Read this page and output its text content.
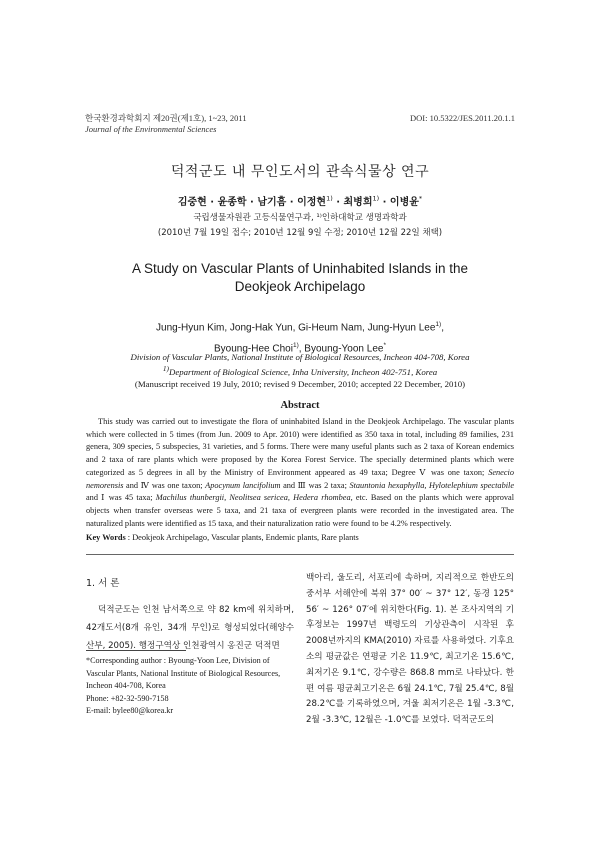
한국환경과학회지 제20권(제1호), 1~23, 2011
Journal of the Environmental Sciences
DOI: 10.5322/JES.2011.20.1.1
덕적군도 내 무인도서의 관속식물상 연구
김중현 · 윤종학 · 남기흠 · 이정현$^{1)}$ · 최병희$^{1)}$ · 이병윤*
국립생물자원관 고등식물연구과, ¹⁾인하대학교 생명과학과
(2010년 7월 19일 접수; 2010년 12월 9일 수정; 2010년 12월 22일 채택)
A Study on Vascular Plants of Uninhabited Islands in the
Deokjeok Archipelago
Jung-Hyun Kim, Jong-Hak Yun, Gi-Heum Nam, Jung-Hyun Lee$^{1)}$,
Byoung-Hee Choi$^{1)}$, Byoung-Yoon Lee*
Division of Vascular Plants, National Institute of Biological Resources, Incheon 404-708, Korea
$^{1)}$Department of Biological Science, Inha University, Incheon 402-751, Korea
(Manuscript received 19 July, 2010; revised 9 December, 2010; accepted 22 December, 2010)
Abstract
This study was carried out to investigate the flora of uninhabited Island in the Deokjeok Archipelago. The vascular plants which were collected in 5 times (from Jun. 2009 to Apr. 2010) were identified as 350 taxa in total, including 89 families, 231 genera, 309 species, 5 subspecies, 31 varieties, and 5 forms. There were many useful plants such as 2 taxa of Korean endemics and 2 taxa of rare plants which were proposed by the Korea Forest Service. The specially determined plants which were categorized as 5 degrees in all by the Ministry of Environment appeared as 49 taxa; Degree Ⅴ was one taxon; Senecio nemorensis and Ⅳ was one taxon; Apocynum lancifolium and Ⅲ was 2 taxa; Stauntonia hexaphylla, Hylotelephium spectabile and Ⅰ was 45 taxa; Machilus thunbergii, Neolitsea sericea, Hedera rhombea, etc. Based on the plants which were approval objects when transfer overseas were 5 taxa, and 21 taxa of evergreen plants were recorded in the investigated area. The naturalized plants were identified as 15 taxa, and their naturalization ratio were found to be 4.2% respectively.
Key Words : Deokjeok Archipelago, Vascular plants, Endemic plants, Rare plants
1. 서 론
덕적군도는 인천 남서쪽으로 약 82 km에 위치하며, 42개도서(8개 유인, 34개 무인)로 형성되었다(해양수산부, 2005). 행정구역상 인천광역시 옹진군 덕적면
*Corresponding author : Byoung-Yoon Lee, Division of Vascular Plants, National Institute of Biological Resources, Incheon 404-708, Korea
Phone: +82-32-590-7158
E-mail: bylee80@korea.kr
백아리, 울도리, 서포리에 속하며, 지리적으로 한반도의 중서부 서해안에 북위 37° 00′ ~ 37° 12′, 동경 125° 56′ ~ 126° 07′에 위치한다(Fig. 1). 본 조사지역의 기후정보는 1997년 백령도의 기상관측이 시작된 후 2008년까지의 KMA(2010) 자료를 사용하였다. 기후요소의 평균값은 연평균 기온 11.9℃, 최고기온 15.6℃, 최저기온 9.1℃, 강수량은 868.8 mm로 나타났다. 한편 여름 평균최고기온은 6월 24.1℃, 7월 25.4℃, 8월 28.2℃를 기록하였으며, 겨울 최저기온은 1월 -3.3℃, 2월 -3.3℃, 12월은 -1.0℃를 보였다. 덕적군도의
